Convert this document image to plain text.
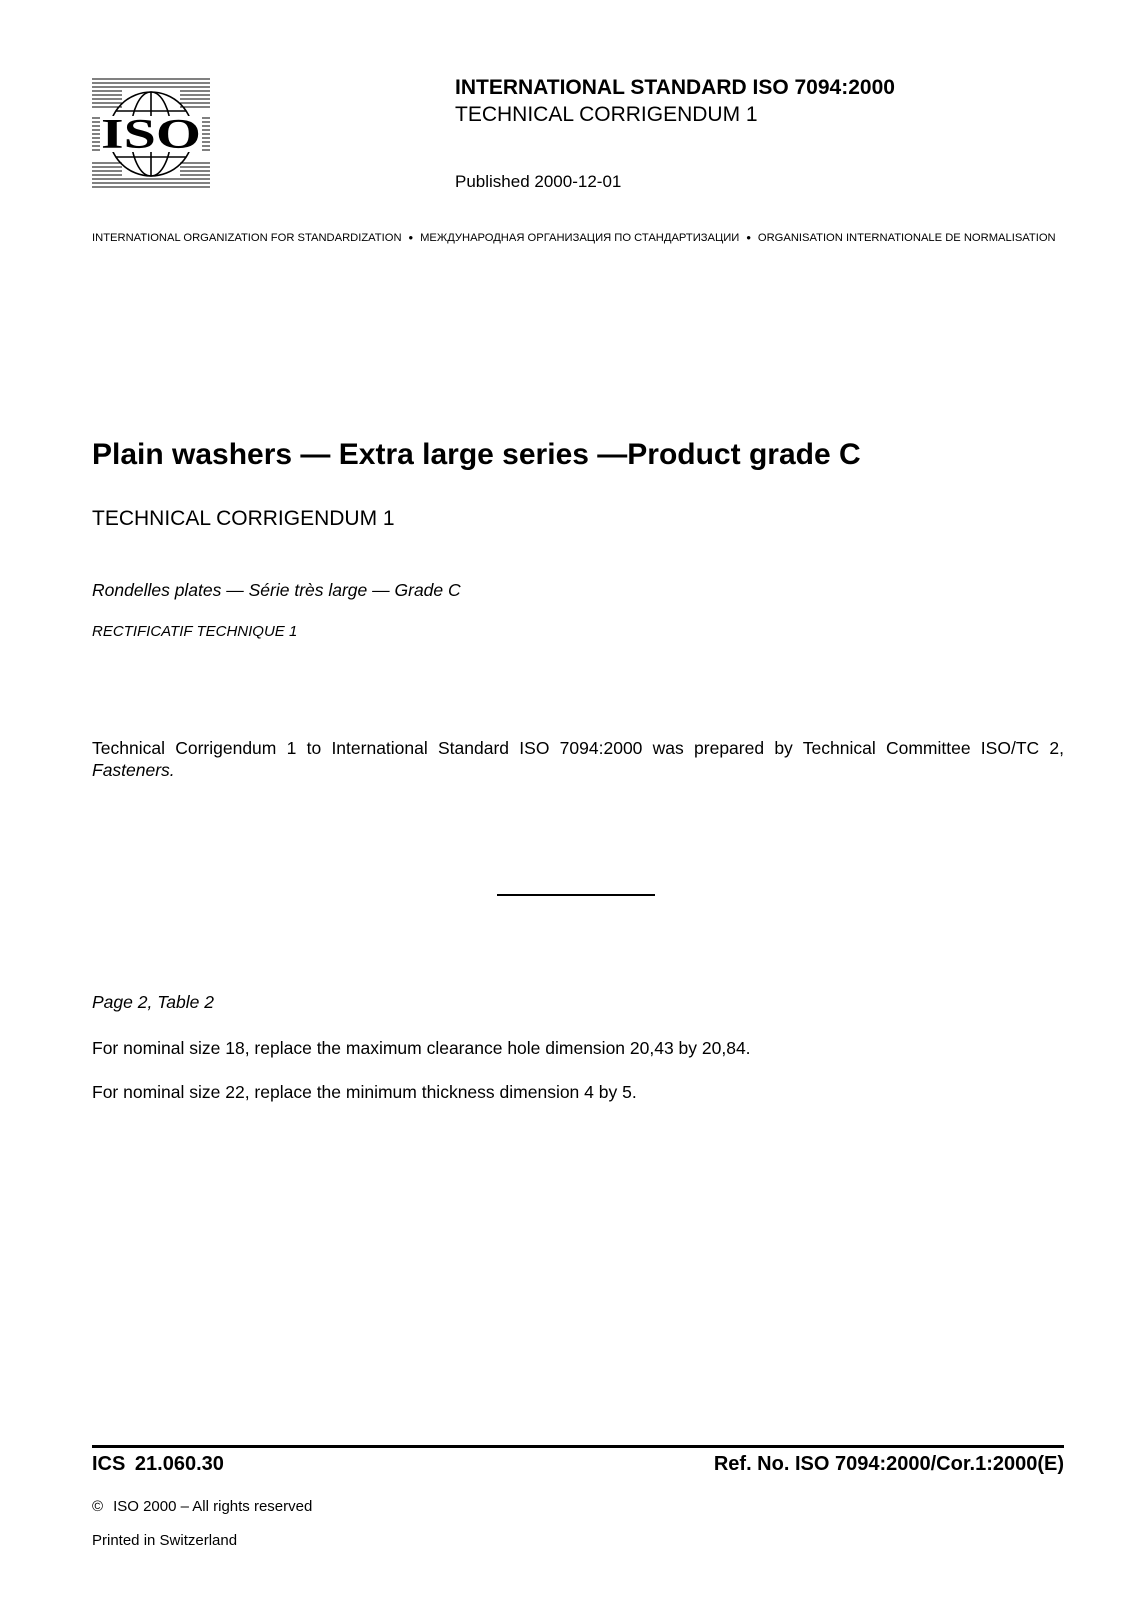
ISO
INTERNATIONAL STANDARD ISO 7094:2000
TECHNICAL CORRIGENDUM 1
Published 2000-12-01
INTERNATIONAL ORGANIZATION FOR STANDARDIZATION • МЕЖДУНАРОДНАЯ ОРГАНИЗАЦИЯ ПО СТАНДАРТИЗАЦИИ • ORGANISATION INTERNATIONALE DE NORMALISATION
Plain washers — Extra large series —Product grade C
TECHNICAL CORRIGENDUM 1
Rondelles plates — Série très large — Grade C
RECTIFICATIF TECHNIQUE 1
Technical Corrigendum 1 to International Standard ISO 7094:2000 was prepared by Technical Committee ISO/TC 2, Fasteners.
Page 2, Table 2
For nominal size 18, replace the maximum clearance hole dimension 20,43 by 20,84.
For nominal size 22, replace the minimum thickness dimension 4 by 5.
ICS 21.060.30	Ref. No. ISO 7094:2000/Cor.1:2000(E)
© ISO 2000 – All rights reserved
Printed in Switzerland
